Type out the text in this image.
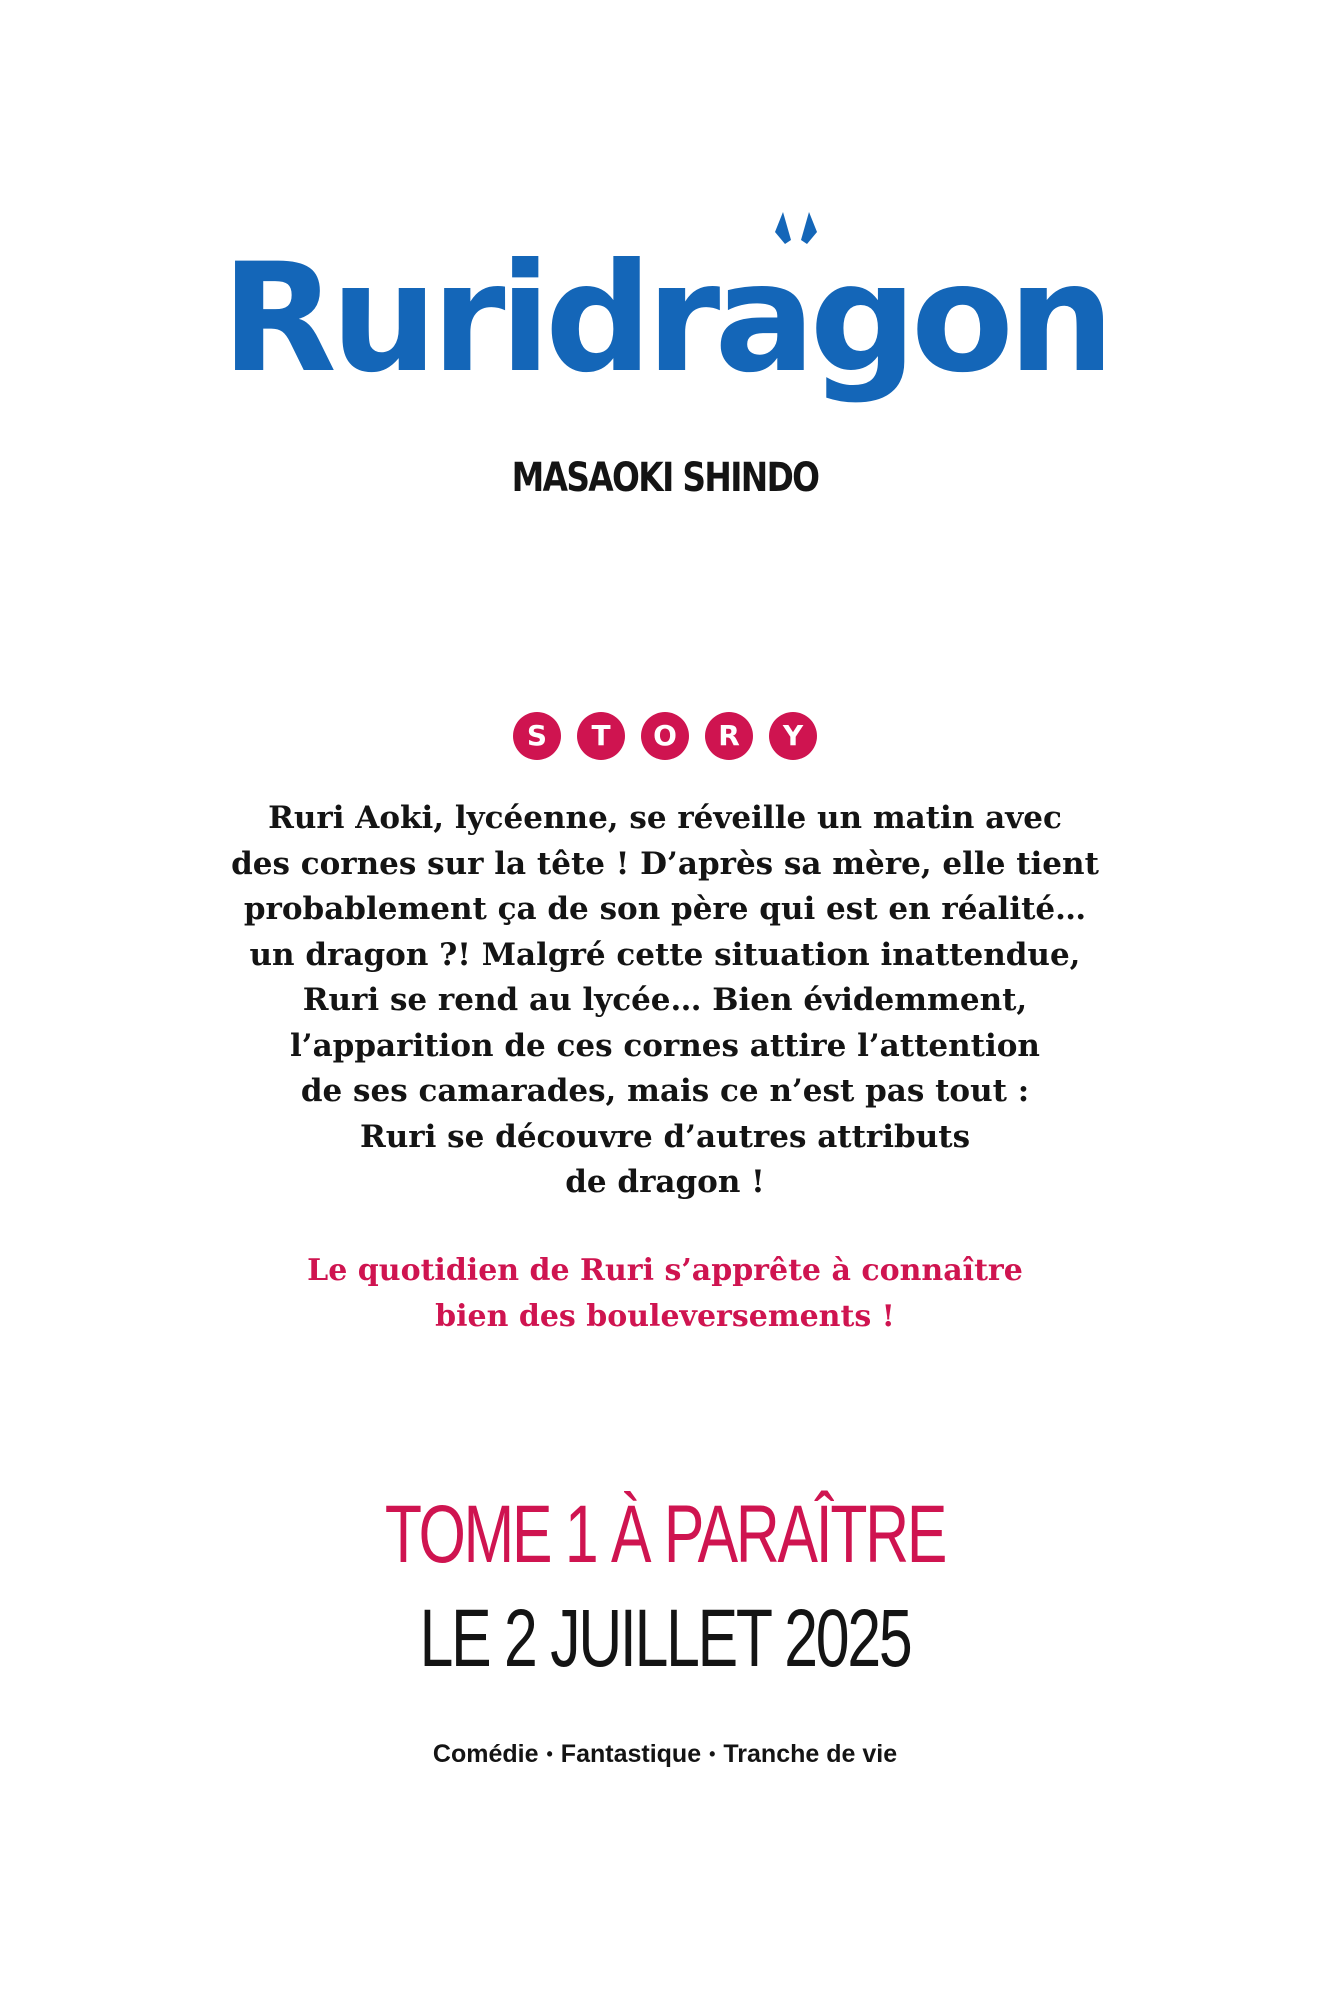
Ruridragon
MASAOKI SHINDO
S	T	O	R	Y
Ruri Aoki, lycéenne, se réveille un matin avec
des cornes sur la tête ! D’après sa mère, elle tient
probablement ça de son père qui est en réalité…
un dragon ?! Malgré cette situation inattendue,
Ruri se rend au lycée… Bien évidemment,
l’apparition de ces cornes attire l’attention
de ses camarades, mais ce n’est pas tout :
Ruri se découvre d’autres attributs
de dragon !
Le quotidien de Ruri s’apprête à connaître
bien des bouleversements !
TOME 1 À PARAÎTRE
LE 2 JUILLET 2025
Comédie • Fantastique • Tranche de vie
